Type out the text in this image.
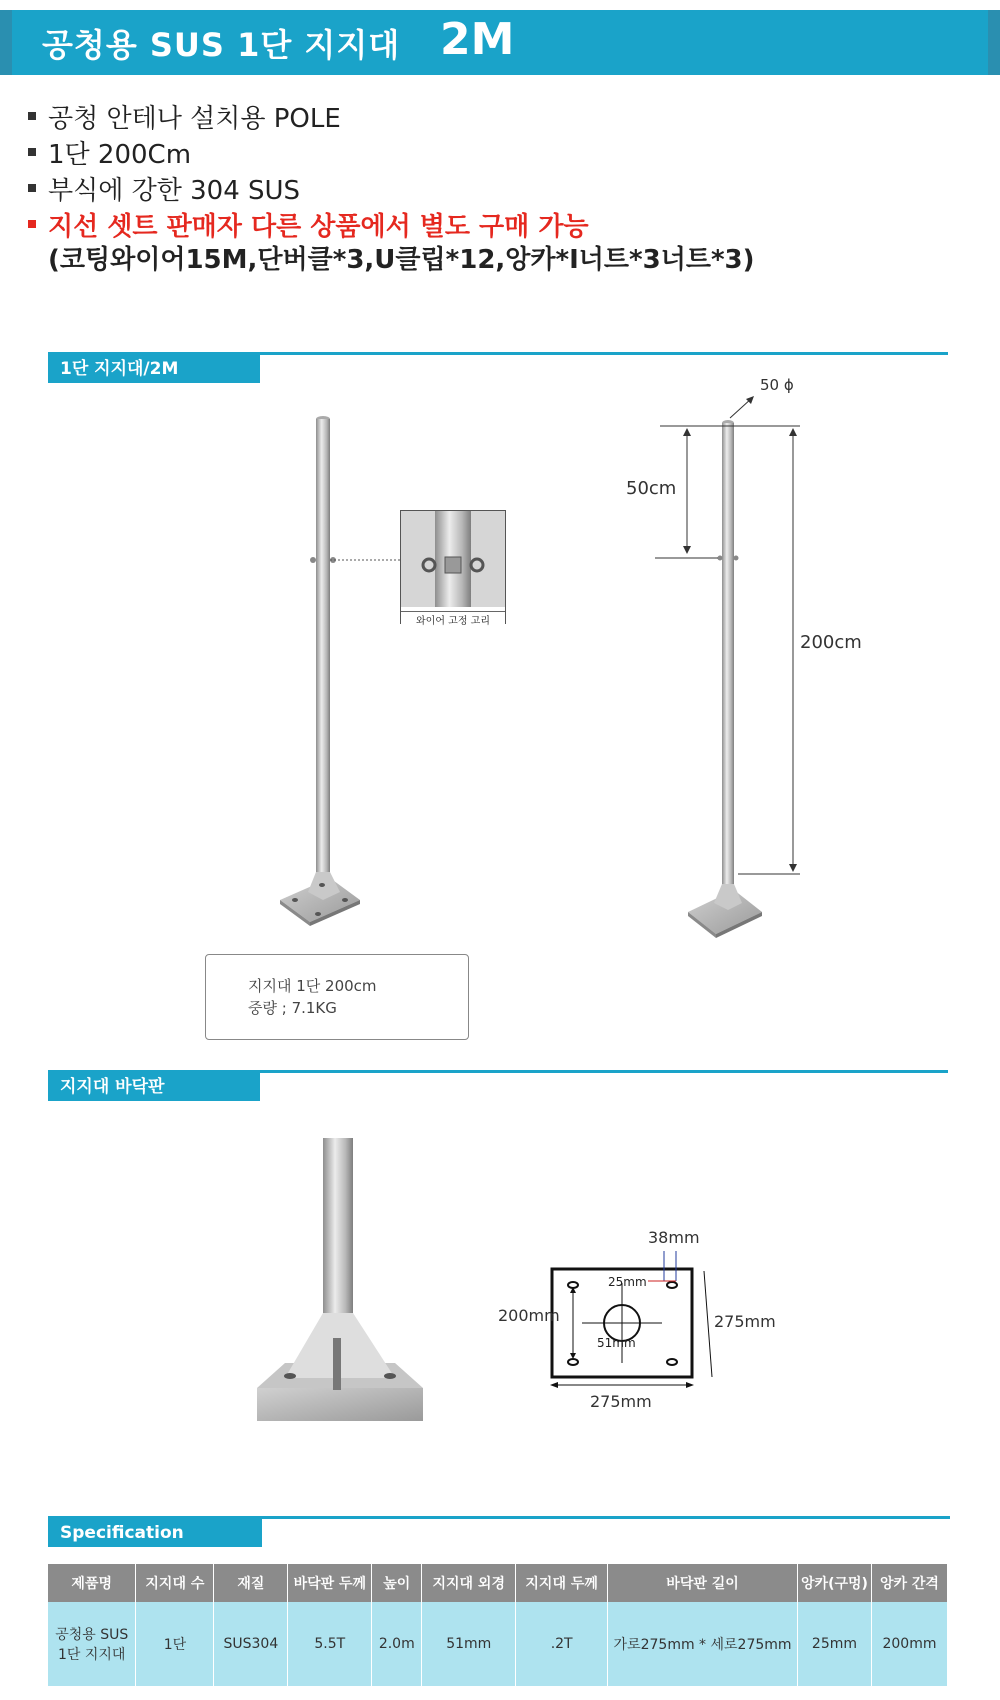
공청용 SUS 1단 지지대 2M
공청 안테나 설치용 POLE
1단 200Cm
부식에 강한 304 SUS
지선 셋트 판매자 다른 상품에서 별도 구매 가능
(코팅와이어15M,단버클*3,U클립*12,앙카*I너트*3너트*3)
1단 지지대/2M
와이어 고정 고리
50 ϕ
50cm
200cm
지지대 1단 200cm
중량 ; 7.1KG
지지대 바닥판
38mm
25mm
200mm
51mm
275mm
275mm
Specification
제품명	지지대 수	재질	바닥판 두께	높이	지지대 외경	지지대 두께	바닥판 길이	앙카(구멍)	앙카 간격
공청용 SUS 1단 지지대	1단	SUS304	5.5T	2.0m	51mm	.2T	가로275mm * 세로275mm	25mm	200mm
